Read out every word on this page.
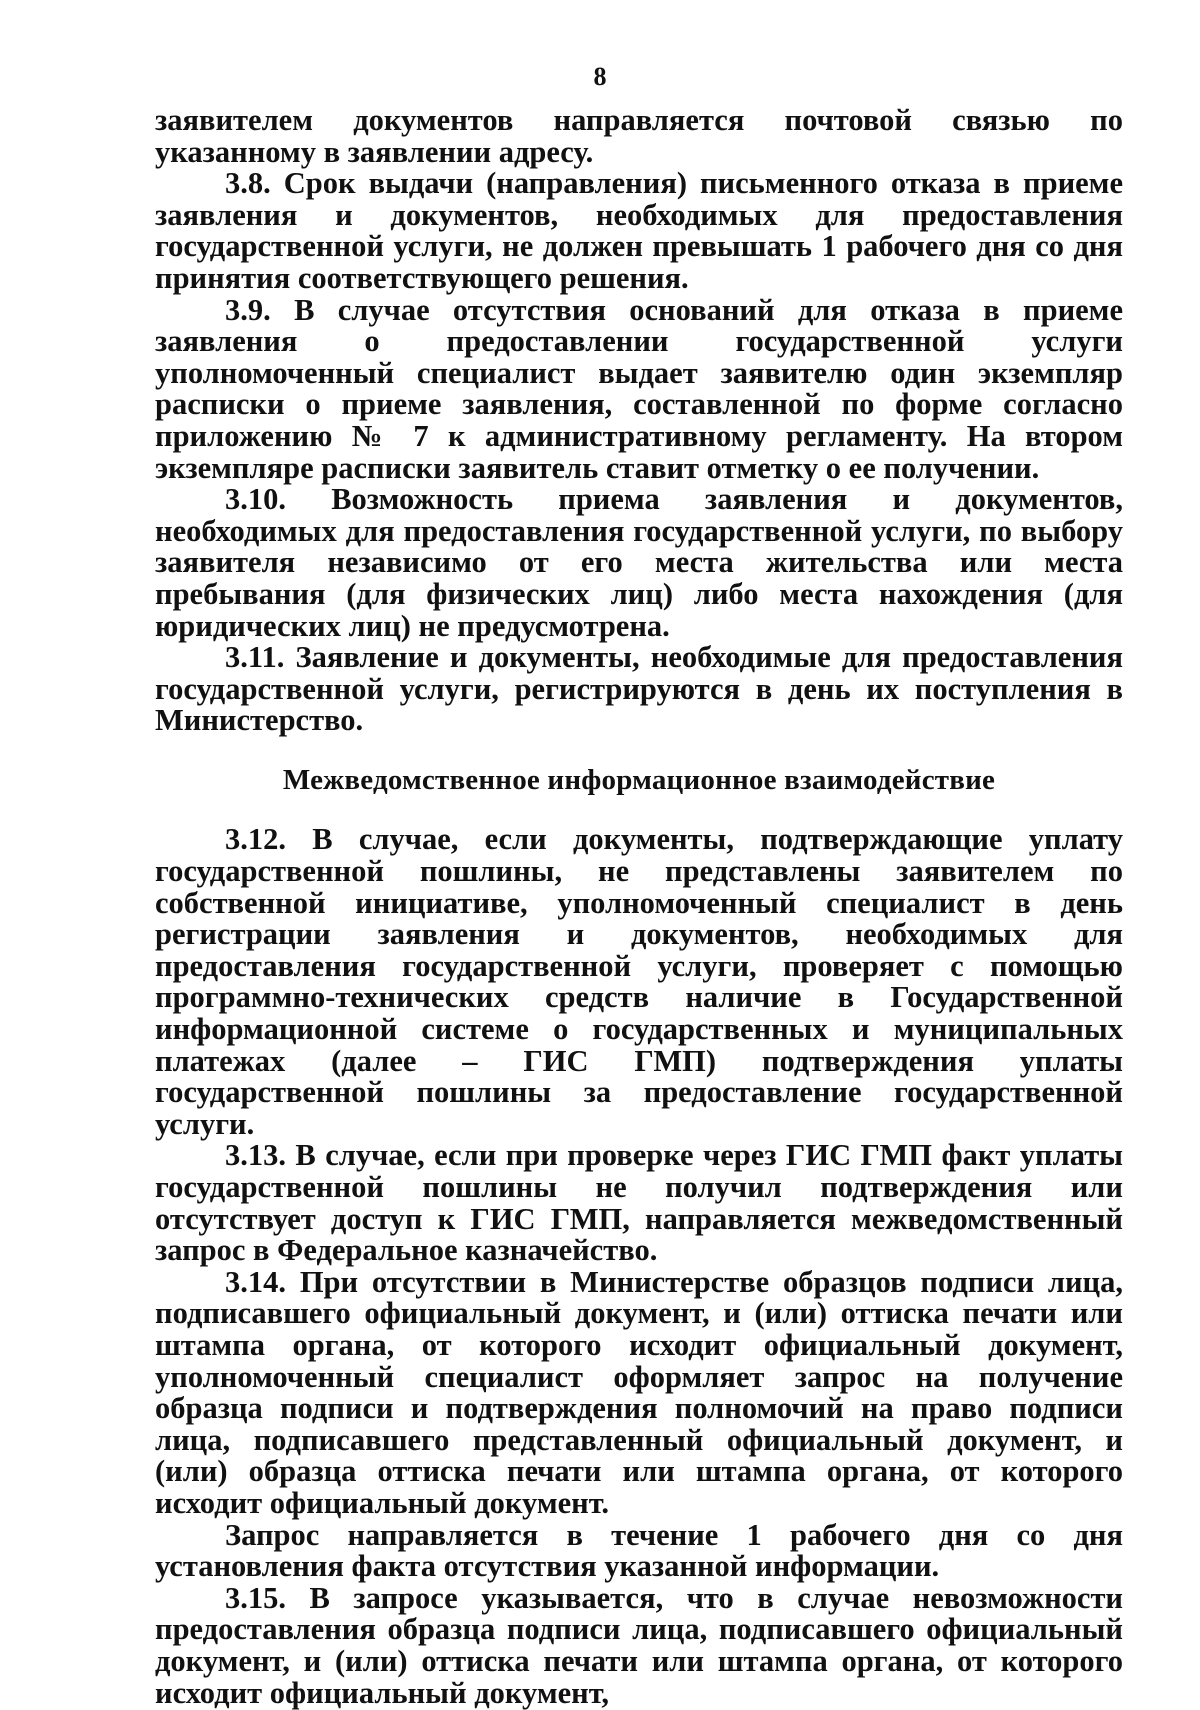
8

заявителем документов направляется почтовой связью по указанному в заявлении адресу.

3.8. Срок выдачи (направления) письменного отказа в приеме заявления и документов, необходимых для предоставления государственной услуги, не должен превышать 1 рабочего дня со дня принятия соответствующего решения.

3.9. В случае отсутствия оснований для отказа в приеме заявления о предоставлении государственной услуги уполномоченный специалист выдает заявителю один экземпляр расписки о приеме заявления, составленной по форме согласно приложению № 7 к административному регламенту. На втором экземпляре расписки заявитель ставит отметку о ее получении.

3.10. Возможность приема заявления и документов, необходимых для предоставления государственной услуги, по выбору заявителя независимо от его места жительства или места пребывания (для физических лиц) либо места нахождения (для юридических лиц) не предусмотрена.

3.11. Заявление и документы, необходимые для предоставления государственной услуги, регистрируются в день их поступления в Министерство.

Межведомственное информационное взаимодействие

3.12. В случае, если документы, подтверждающие уплату государственной пошлины, не представлены заявителем по собственной инициативе, уполномоченный специалист в день регистрации заявления и документов, необходимых для предоставления государственной услуги, проверяет с помощью программно-технических средств наличие в Государственной информационной системе о государственных и муниципальных платежах (далее – ГИС ГМП) подтверждения уплаты государственной пошлины за предоставление государственной услуги.

3.13. В случае, если при проверке через ГИС ГМП факт уплаты государственной пошлины не получил подтверждения или отсутствует доступ к ГИС ГМП, направляется межведомственный запрос в Федеральное казначейство.

3.14. При отсутствии в Министерстве образцов подписи лица, подписавшего официальный документ, и (или) оттиска печати или штампа органа, от которого исходит официальный документ, уполномоченный специалист оформляет запрос на получение образца подписи и подтверждения полномочий на право подписи лица, подписавшего представленный официальный документ, и (или) образца оттиска печати или штампа органа, от которого исходит официальный документ.

Запрос направляется в течение 1 рабочего дня со дня установления факта отсутствия указанной информации.

3.15. В запросе указывается, что в случае невозможности предоставления образца подписи лица, подписавшего официальный документ, и (или) оттиска печати или штампа органа, от которого исходит официальный документ,
